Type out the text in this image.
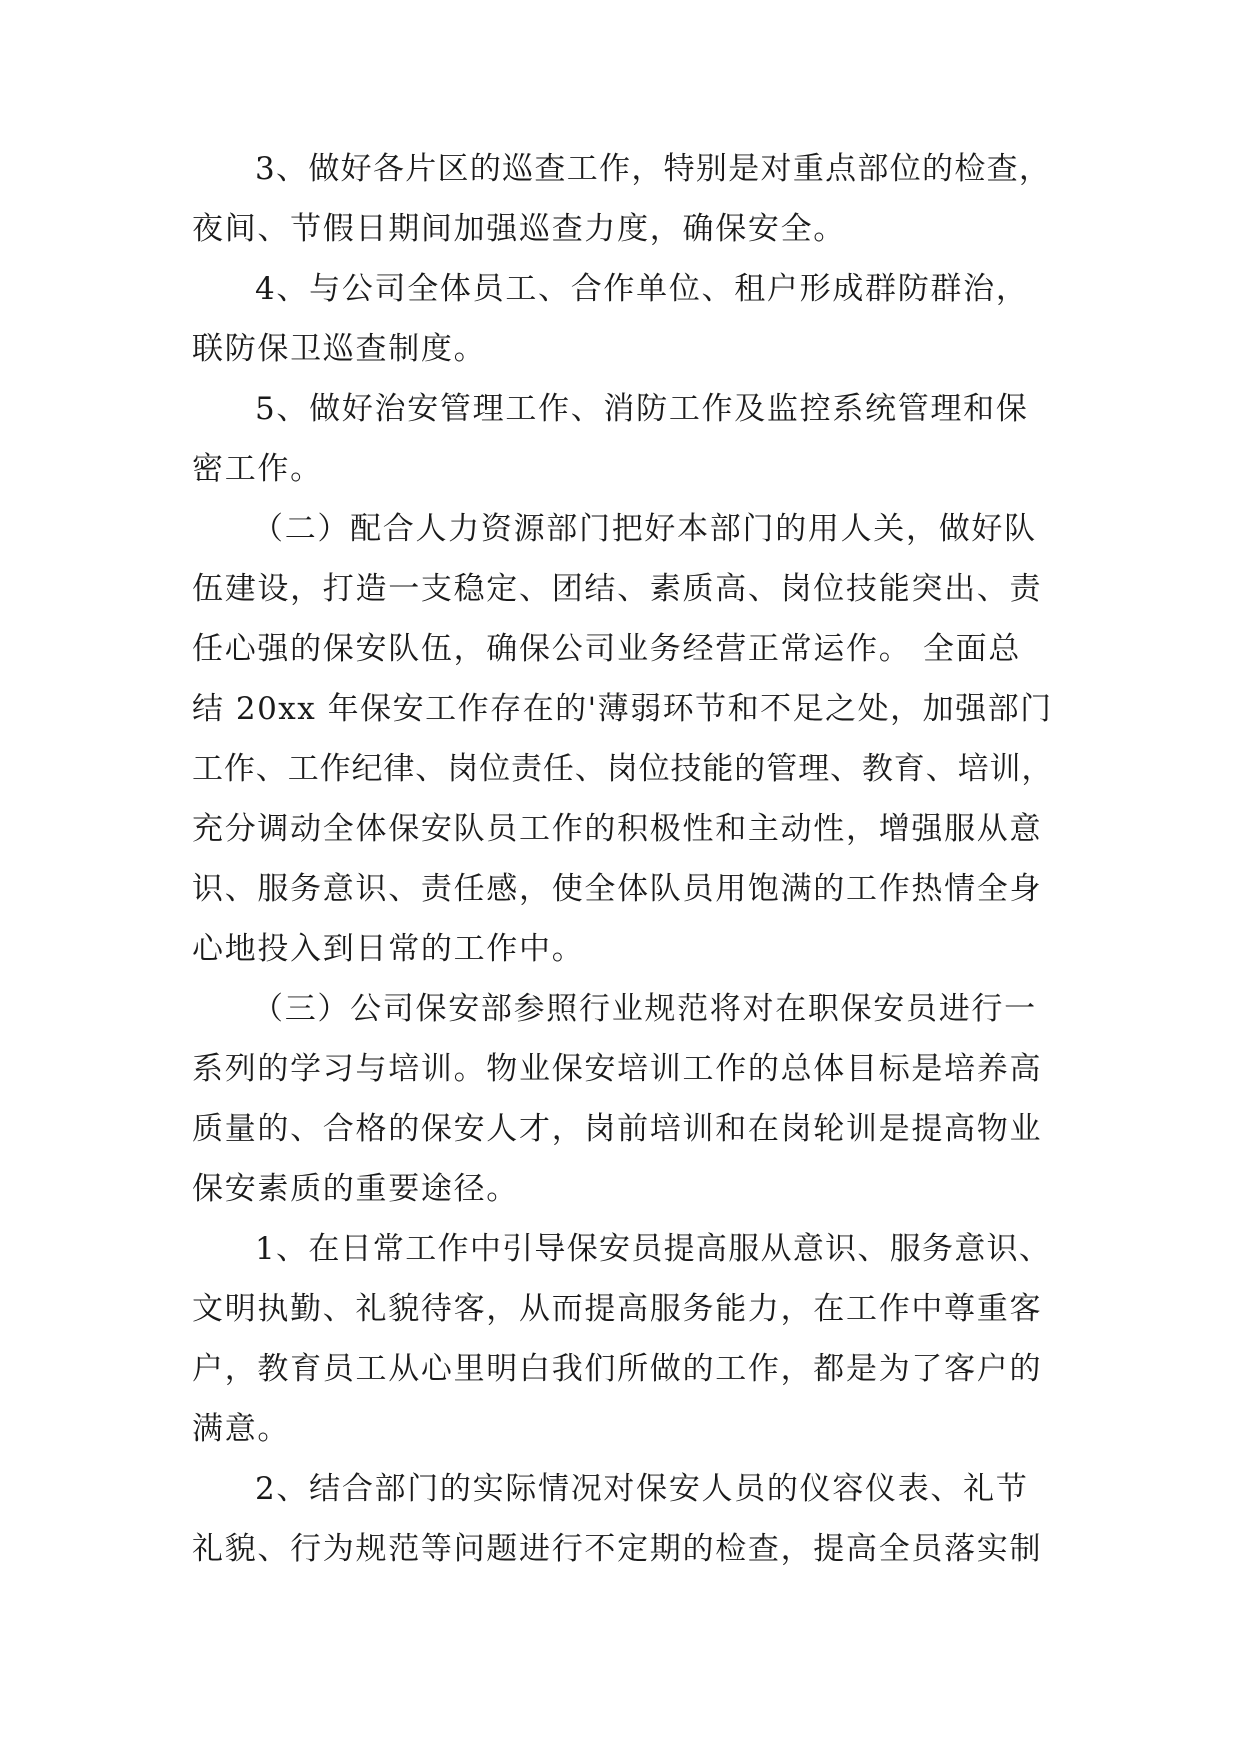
3、做好各片区的巡查工作，特别是对重点部位的检查，

夜间、节假日期间加强巡查力度，确保安全。

4、与公司全体员工、合作单位、租户形成群防群治，

联防保卫巡查制度。

5、做好治安管理工作、消防工作及监控系统管理和保

密工作。

（二）配合人力资源部门把好本部门的用人关，做好队

伍建设，打造一支稳定、团结、素质高、岗位技能突出、责

任心强的保安队伍，确保公司业务经营正常运作。 全面总

结 20xx 年保安工作存在的'薄弱环节和不足之处，加强部门

工作、工作纪律、岗位责任、岗位技能的管理、教育、培训，

充分调动全体保安队员工作的积极性和主动性，增强服从意

识、服务意识、责任感，使全体队员用饱满的工作热情全身

心地投入到日常的工作中。

（三）公司保安部参照行业规范将对在职保安员进行一

系列的学习与培训。物业保安培训工作的总体目标是培养高

质量的、合格的保安人才，岗前培训和在岗轮训是提高物业

保安素质的重要途径。

1、在日常工作中引导保安员提高服从意识、服务意识、

文明执勤、礼貌待客，从而提高服务能力，在工作中尊重客

户，教育员工从心里明白我们所做的工作，都是为了客户的

满意。

2、结合部门的实际情况对保安人员的仪容仪表、礼节

礼貌、行为规范等问题进行不定期的检查，提高全员落实制
